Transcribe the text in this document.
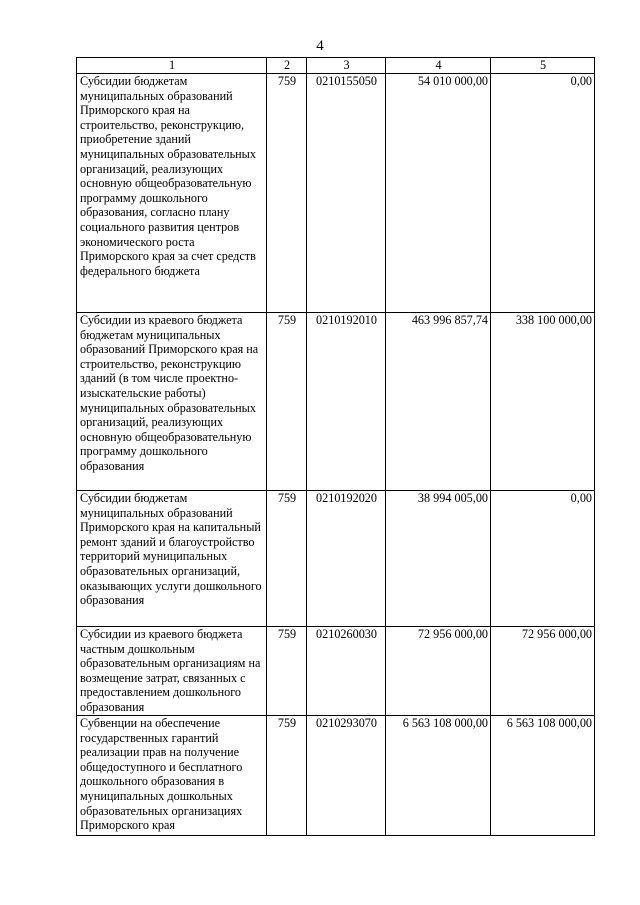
4
1	2	3	4	5
Субсидии бюджетам муниципальных образований Приморского края на строительство, реконструкцию, приобретение зданий муниципальных образовательных организаций, реализующих основную общеобразовательную программу дошкольного образования, согласно плану социального развития центров экономического роста Приморского края за счет средств федерального бюджета	759	0210155050	54 010 000,00	0,00
Субсидии из краевого бюджета бюджетам муниципальных образований Приморского края на строительство, реконструкцию зданий (в том числе проектно-изыскательские работы) муниципальных образовательных организаций, реализующих основную общеобразовательную программу дошкольного образования	759	0210192010	463 996 857,74	338 100 000,00
Субсидии бюджетам муниципальных образований Приморского края на капитальный ремонт зданий и благоустройство территорий муниципальных образовательных организаций, оказывающих услуги дошкольного образования	759	0210192020	38 994 005,00	0,00
Субсидии из краевого бюджета частным дошкольным образовательным организациям на возмещение затрат, связанных с предоставлением дошкольного образования	759	0210260030	72 956 000,00	72 956 000,00
Субвенции на обеспечение государственных гарантий реализации прав на получение общедоступного и бесплатного дошкольного образования в муниципальных дошкольных образовательных организациях Приморского края	759	0210293070	6 563 108 000,00	6 563 108 000,00
